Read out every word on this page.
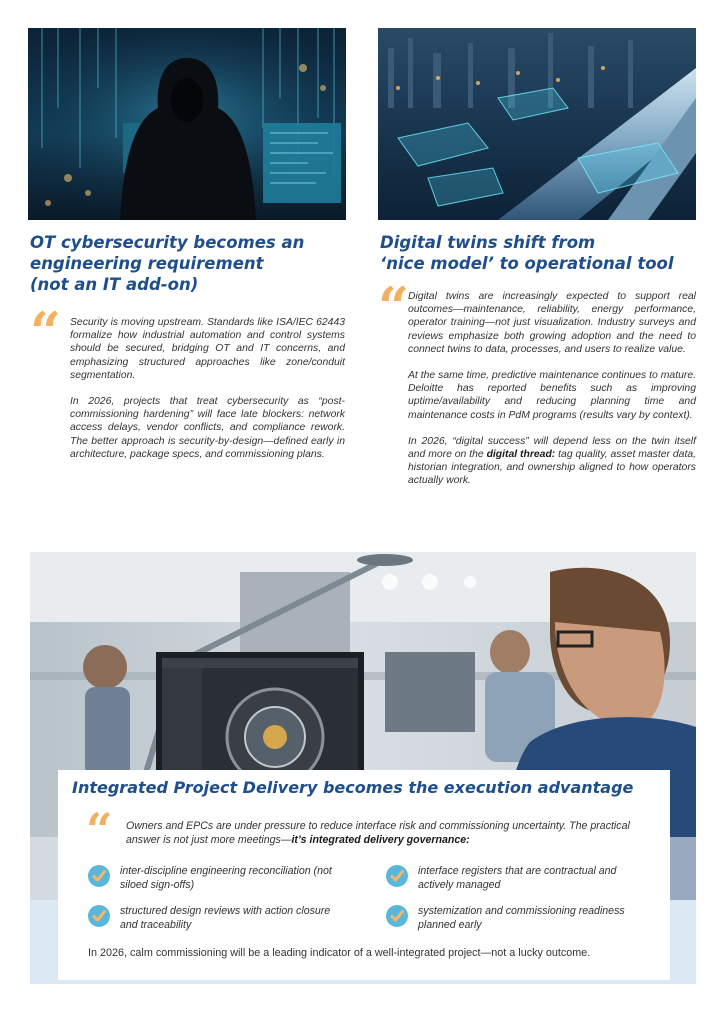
OT cybersecurity becomes an
engineering requirement
(not an IT add-on)
“ Security is moving upstream. Standards like ISA/IEC 62443 formalize how industrial automation and control systems should be secured, bridging OT and IT concerns, and emphasizing structured approaches like zone/conduit segmentation.

In 2026, projects that treat cybersecurity as “post-commissioning hardening” will face late blockers: network access delays, vendor conflicts, and compliance rework. The better approach is security-by-design—defined early in architecture, package specs, and commissioning plans.

Digital twins shift from
‘nice model’ to operational tool
“ Digital twins are increasingly expected to support real outcomes—maintenance, reliability, energy performance, operator training—not just visualization. Industry surveys and reviews emphasize both growing adoption and the need to connect twins to data, processes, and users to realize value.

At the same time, predictive maintenance continues to mature. Deloitte has reported benefits such as improving uptime/availability and reducing planning time and maintenance costs in PdM programs (results vary by context).

In 2026, “digital success” will depend less on the twin itself and more on the digital thread: tag quality, asset master data, historian integration, and ownership aligned to how operators actually work.

Integrated Project Delivery becomes the execution advantage
“ Owners and EPCs are under pressure to reduce interface risk and commissioning uncertainty. The practical answer is not just more meetings—it’s integrated delivery governance:
inter-discipline engineering reconciliation (not siloed sign-offs)
interface registers that are contractual and actively managed
structured design reviews with action closure and traceability
systemization and commissioning readiness planned early
In 2026, calm commissioning will be a leading indicator of a well-integrated project—not a lucky outcome.
